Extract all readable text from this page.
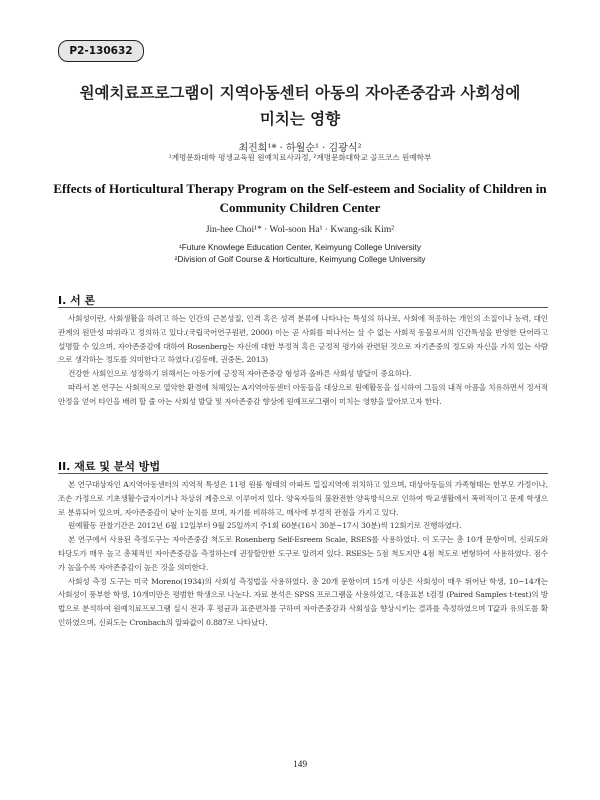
P2-130632
원예치료프로그램이 지역아동센터 아동의 자아존중감과 사회성에
미치는 영향
최진희¹* · 하월순¹ · 김광식²
¹계명문화대학 평생교육원 원예치료사과정, ²계명문화대학교 골프코스 원예학부
Effects of Horticultural Therapy Program on the Self-esteem and Sociality of Children in
Community Children Center
Jin-hee Choi¹* · Wol-soon Ha¹ · Kwang-sik Kim²
¹Future Knowlege Education Center, Keimyung College University
²Division of Golf Course & Horticulture, Keimyung College University
I. 서 론

사회성이란, 사회생활을 하려고 하는 인간의 근본성질, 인격 혹은 성격 분류에 나타나는 특성의 하나로, 사회에 적응하는 개인의 소질이나 능력, 대인관계의 원만성 따위라고 정의하고 있다.(국립국어연구원편, 2000) 이는 곧 사회를 떠나서는 살 수 없는 사회적 동물로서의 인간특성을 반영한 단어라고 설명할 수 있으며, 자아존중감에 대하여 Rosenberg는 자신에 대한 부정적 혹은 긍정적 평가와 관련된 것으로 자기존중의 정도와 자신을 가치 있는 사람으로 생각하는 정도를 의미한다고 하였다.(김동배, 권중돈, 2013)

건강한 사회인으로 성장하기 위해서는 아동기에 긍정적 자아존중감 형성과 올바른 사회성 발달이 중요하다.

따라서 본 연구는 사회적으로 열악한 환경에 처해있는 A지역아동센터 아동들을 대상으로 원예활동을 실시하여 그들의 내적 아픔을 치유하면서 정서적 안정을 얻어 타인을 배려 할 줄 아는 사회성 발달 및 자아존중감 향상에 원예프로그램이 미치는 영향을 알아보고자 한다.

II. 재료 및 분석 방법

본 연구대상자인 A지역아동센터의 지역적 특성은 11평 원룸 형태의 아파트 밀집지역에 위치하고 있으며, 대상아동들의 가족형태는 한부모 가정이나, 조손 가정으로 기초생활수급자이거나 차상위 계층으로 이루어져 있다. 양육자들의 불완전한 양육방식으로 인하여 학교생활에서 폭력적이고 문제 학생으로 분류되어 있으며, 자아존중감이 낮아 눈치를 보며, 자기를 비하하고, 매사에 부정적 관점을 가지고 있다.

원예활동 관찰기간은 2012년 6월 12일부터 9월 25일까지 주1회 60분(16시 30분~17시 30분)씩 12회기로 진행하였다.

본 연구에서 사용된 측정도구는 자아존중감 척도로 Rosenberg Self-Esreem Scale, RSES를 사용하였다. 이 도구는 총 10개 문항이며, 신뢰도와 타당도가 매우 높고 총체적인 자아존중감을 측정하는데 권장할만한 도구로 알려져 있다. RSES는 5점 척도지만 4점 척도로 변형하여 사용하였다. 점수가 높을수록 자아존중감이 높은 것을 의미한다.

사회성 측정 도구는 미국 Moreno(1934)의 사회성 측정법을 사용하였다. 총 20개 문항이며 15개 이상은 사회성이 매우 뛰어난 학생, 10~14개는 사회성이 풍부한 학생, 10개미만은 평범한 학생으로 나눈다. 자료 분석은 SPSS 프로그램을 사용하였고, 대응표본 t검정 (Paired Samples t-test)의 방법으로 분석하여 원예치료프로그램 실시 전과 후 평균과 표준편차를 구하여 자아존중감과 사회성을 향상시키는 결과를 측정하였으며 T값과 유의도를 확인하였으며, 신뢰도는 Cronbach의 알파값이 0.887로 나타났다.

149
